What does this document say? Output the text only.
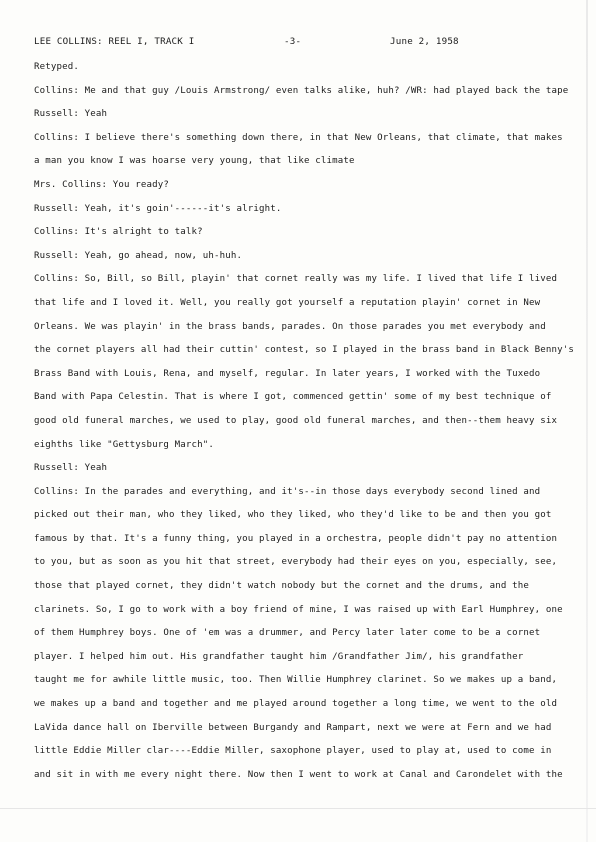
LEE COLLINS: REEL I, TRACK I	-3-	June 2, 1958
Retyped.
Collins: Me and that guy /Louis Armstrong/ even talks alike, huh? /WR: had played back the tape
Russell: Yeah
Collins: I believe there's something down there, in that New Orleans, that climate, that makes
a man you know I was hoarse very young, that like climate
Mrs. Collins: You ready?
Russell: Yeah, it's goin'------it's alright.
Collins: It's alright to talk?
Russell: Yeah, go ahead, now, uh-huh.
Collins: So, Bill, so Bill, playin' that cornet really was my life. I lived that life I lived
that life and I loved it. Well, you really got yourself a reputation playin' cornet in New
Orleans. We was playin' in the brass bands, parades. On those parades you met everybody and
the cornet players all had their cuttin' contest, so I played in the brass band in Black Benny's
Brass Band with Louis, Rena, and myself, regular. In later years, I worked with the Tuxedo
Band with Papa Celestin. That is where I got, commenced gettin' some of my best technique of
good old funeral marches, we used to play, good old funeral marches, and then--them heavy six
eighths like "Gettysburg March".
Russell: Yeah
Collins: In the parades and everything, and it's--in those days everybody second lined and
picked out their man, who they liked, who they liked, who they'd like to be and then you got
famous by that. It's a funny thing, you played in a orchestra, people didn't pay no attention
to you, but as soon as you hit that street, everybody had their eyes on you, especially, see,
those that played cornet, they didn't watch nobody but the cornet and the drums, and the
clarinets. So, I go to work with a boy friend of mine, I was raised up with Earl Humphrey, one
of them Humphrey boys. One of 'em was a drummer, and Percy later later come to be a cornet
player. I helped him out. His grandfather taught him /Grandfather Jim/, his grandfather
taught me for awhile little music, too. Then Willie Humphrey clarinet. So we makes up a band,
we makes up a band and together and me played around together a long time, we went to the old
LaVida dance hall on Iberville between Burgandy and Rampart, next we were at Fern and we had
little Eddie Miller clar----Eddie Miller, saxophone player, used to play at, used to come in
and sit in with me every night there. Now then I went to work at Canal and Carondelet with the
